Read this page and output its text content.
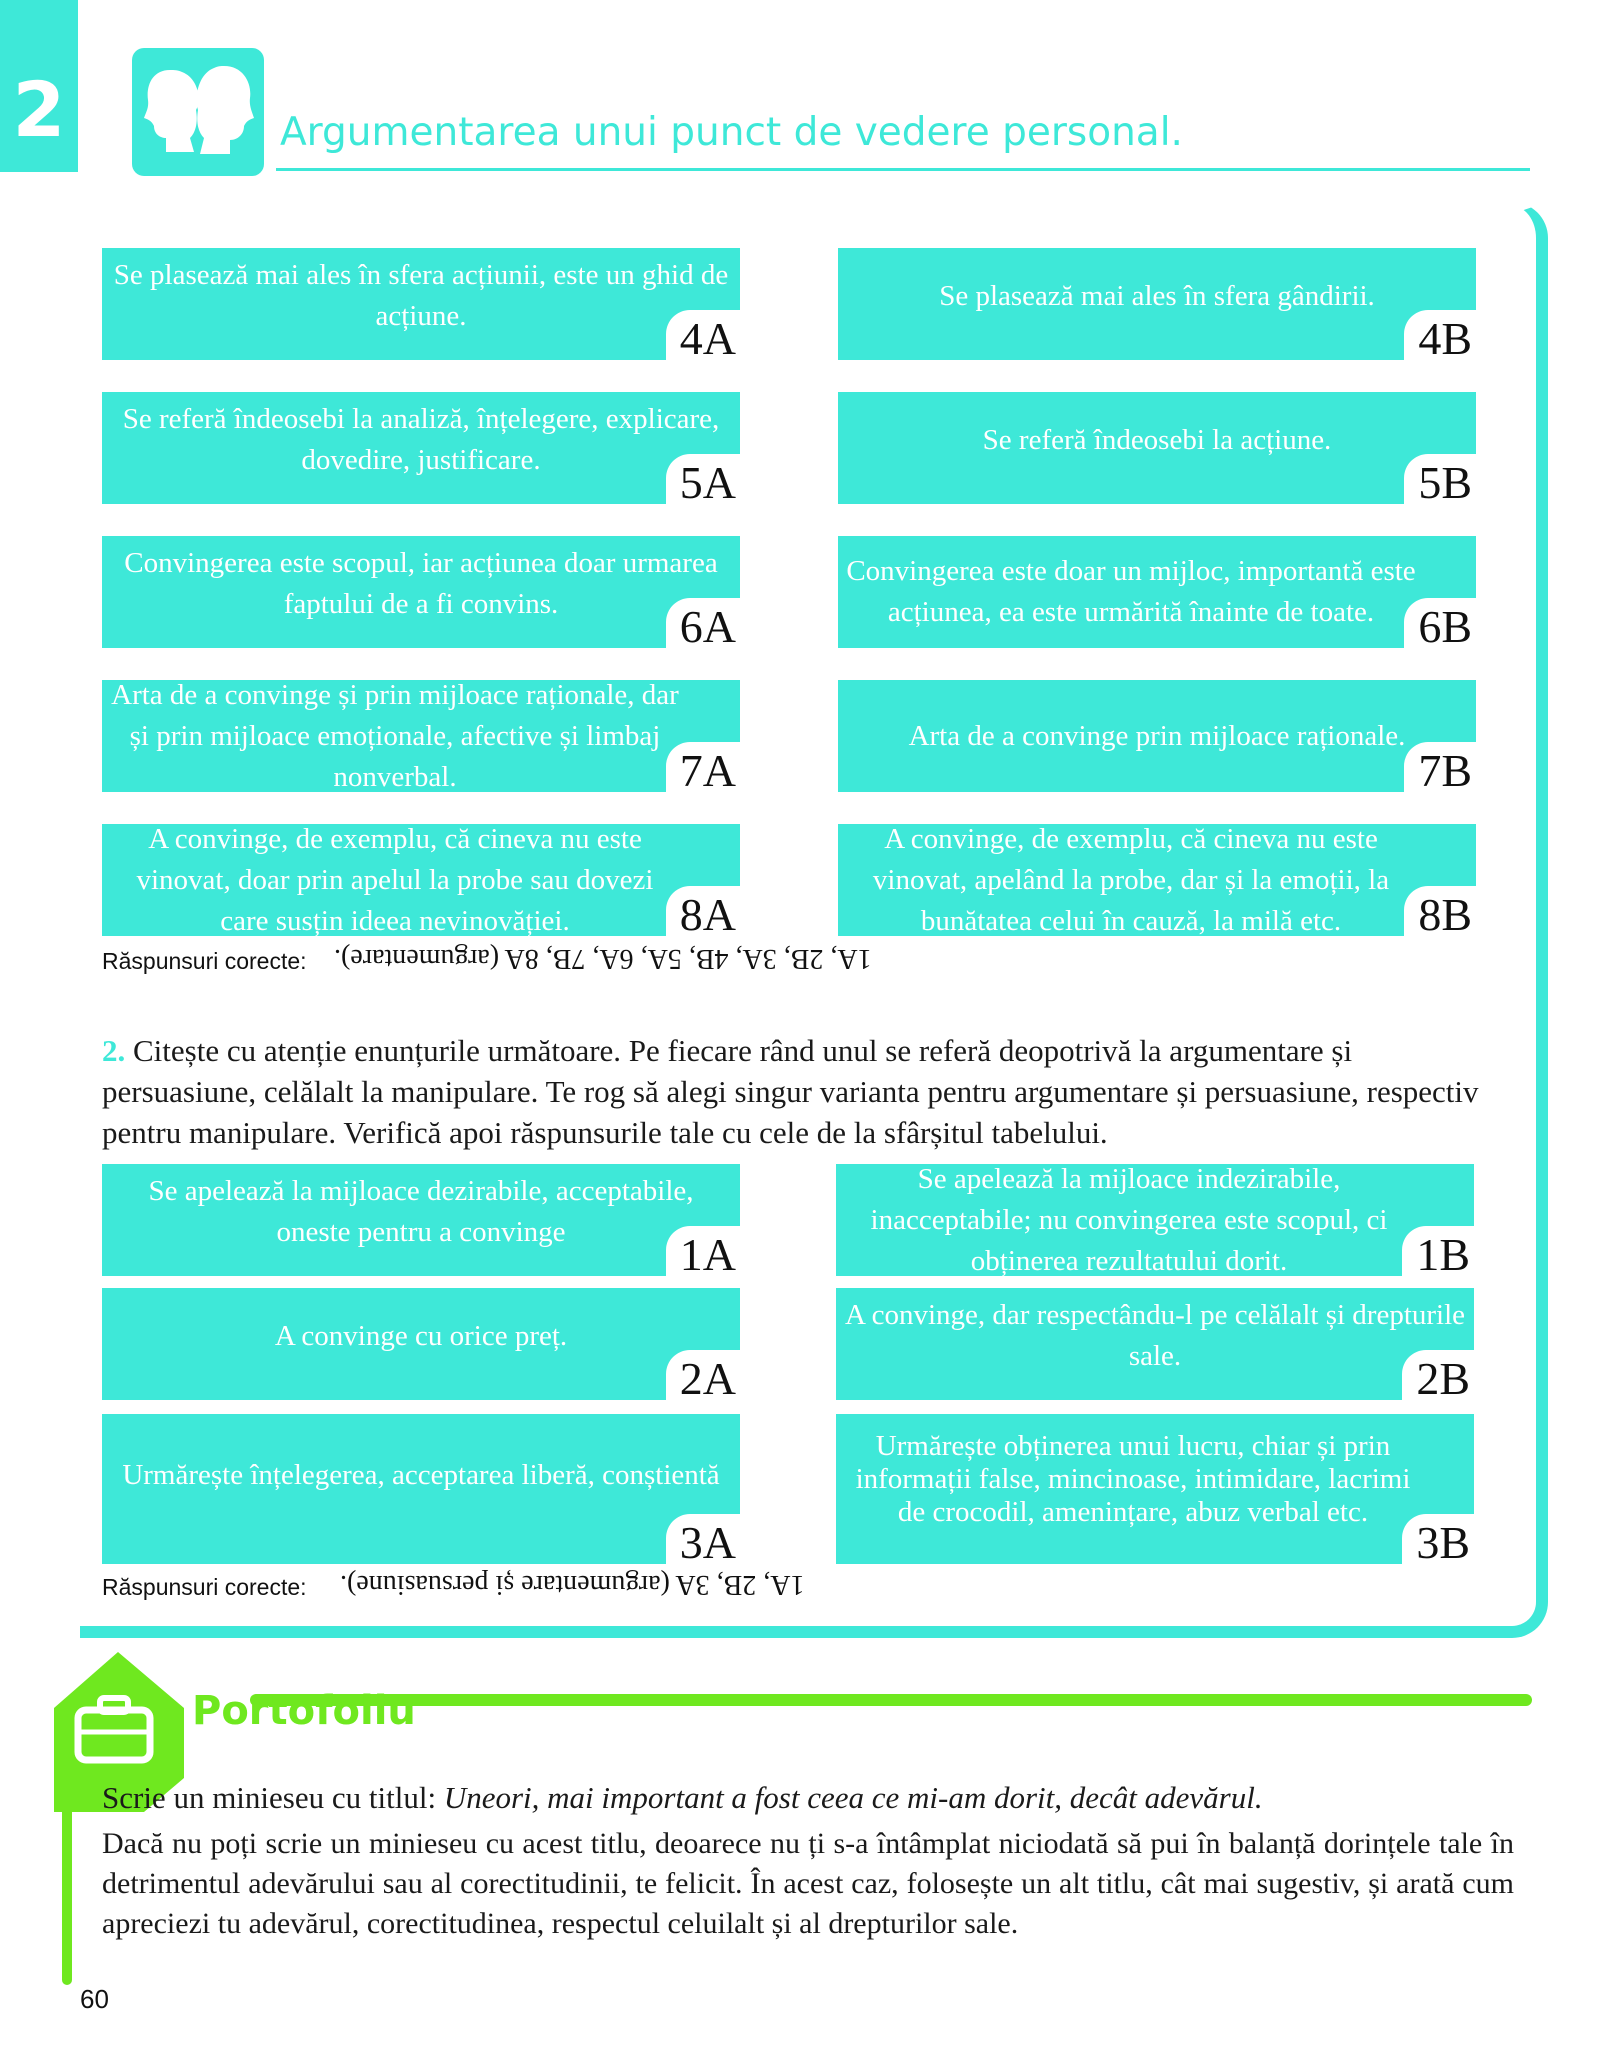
2	Argumentarea unui punct de vedere personal.
Se plasează mai ales în sfera acțiunii, este un ghid de acțiune.	4A
Se plasează mai ales în sfera gândirii.
4B
Se referă îndeosebi la analiză, înțelegere, explicare, dovedire, justificare.	5A
Se referă îndeosebi la acțiune.
5B
Convingerea este scopul, iar acțiunea doar urmarea faptului de a fi convins.	6A
Convingerea este doar un mijloc, importantă este acțiunea, ea este urmărită înainte de toate. 6B
Arta de a convinge și prin mijloace raționale, dar și prin mijloace emoționale, afective și limbaj nonverbal.	7A
Arta de a convinge prin mijloace raționale.
7B
A convinge, de exemplu, că cineva nu este vinovat, doar prin apelul la probe sau dovezi care susțin ideea nevinovăției.	8A
A convinge, de exemplu, că cineva nu este vinovat, apelând la probe, dar și la emoții, la bunătatea celui în cauză, la milă etc.	8B
Răspunsuri corecte: 1A, 2B, 3A, 4B, 5A, 6A, 7B, 8A (argumentare).
2. Citește cu atenție enunțurile următoare. Pe fiecare rând unul se referă deopotrivă la argumentare și persuasiune, celălalt la manipulare. Te rog să alegi singur varianta pentru argumentare și persuasiune, respectiv pentru manipulare. Verifică apoi răspunsurile tale cu cele de la sfârșitul tabelului.
Se apelează la mijloace dezirabile, acceptabile, oneste pentru a convinge	1A
Se apelează la mijloace indezirabile, inacceptabile; nu convingerea este scopul, ci obținerea rezultatului dorit.	1B
A convinge cu orice preț.
2A
A convinge, dar respectându-l pe celălalt și drepturile sale.	2B
Urmărește înțelegerea, acceptarea liberă, conștientă
3A
Urmărește obținerea unui lucru, chiar și prin informații false, mincinoase, intimidare, lacrimi de crocodil, amenințare, abuz verbal etc.
3B
Răspunsuri corecte: 1A, 2B, 3A (argumentare și persuasiune).
Portofoliu
Scrie un minieseu cu titlul: Uneori, mai important a fost ceea ce mi-am dorit, decât adevărul.
Dacă nu poți scrie un minieseu cu acest titlu, deoarece nu ți s-a întâmplat niciodată să pui în balanță dorințele tale în detrimentul adevărului sau al corectitudinii, te felicit. În acest caz, folosește un alt titlu, cât mai sugestiv, și arată cum apreciezi tu adevărul, corectitudinea, respectul celuilalt și al drepturilor sale.
60
